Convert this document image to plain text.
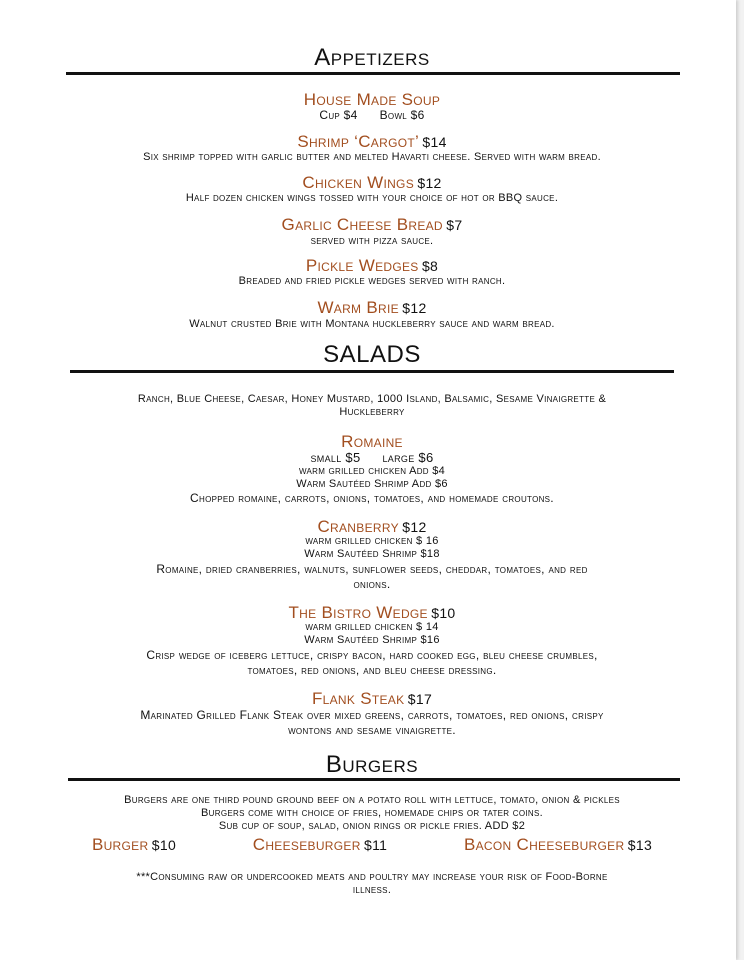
Appetizers
House Made Soup
Cup $4 Bowl $6
Shrimp ‘Cargot’ $14
Six shrimp topped with garlic butter and melted Havarti cheese. Served with warm bread.
Chicken Wings $12
Half dozen chicken wings tossed with your choice of hot or BBQ sauce.
Garlic Cheese Bread $7
served with pizza sauce.
Pickle Wedges $8
Breaded and fried pickle wedges served with ranch.
Warm Brie $12
Walnut crusted Brie with Montana huckleberry sauce and warm bread.
SALADS
Ranch, Blue Cheese, Caesar, Honey Mustard, 1000 Island, Balsamic, Sesame Vinaigrette &
Huckleberry
Romaine
small $5 large $6
warm grilled chicken Add $4
Warm Sautéed Shrimp Add $6
Chopped romaine, carrots, onions, tomatoes, and homemade croutons.
Cranberry $12
warm grilled chicken $ 16
Warm Sautéed Shrimp $18
Romaine, dried cranberries, walnuts, sunflower seeds, cheddar, tomatoes, and red
onions.
The Bistro Wedge $10
warm grilled chicken $ 14
Warm Sautéed Shrimp $16
Crisp wedge of iceberg lettuce, crispy bacon, hard cooked egg, bleu cheese crumbles,
tomatoes, red onions, and bleu cheese dressing.
Flank Steak $17
Marinated Grilled Flank Steak over mixed greens, carrots, tomatoes, red onions, crispy
wontons and sesame vinaigrette.
Burgers
Burgers are one third pound ground beef on a potato roll with lettuce, tomato, onion & pickles
Burgers come with choice of fries, homemade chips or tater coins.
Sub cup of soup, salad, onion rings or pickle fries. ADD $2
Burger $10	Cheeseburger $11	Bacon Cheeseburger $13
***Consuming raw or undercooked meats and poultry may increase your risk of Food-Borne
illness.
